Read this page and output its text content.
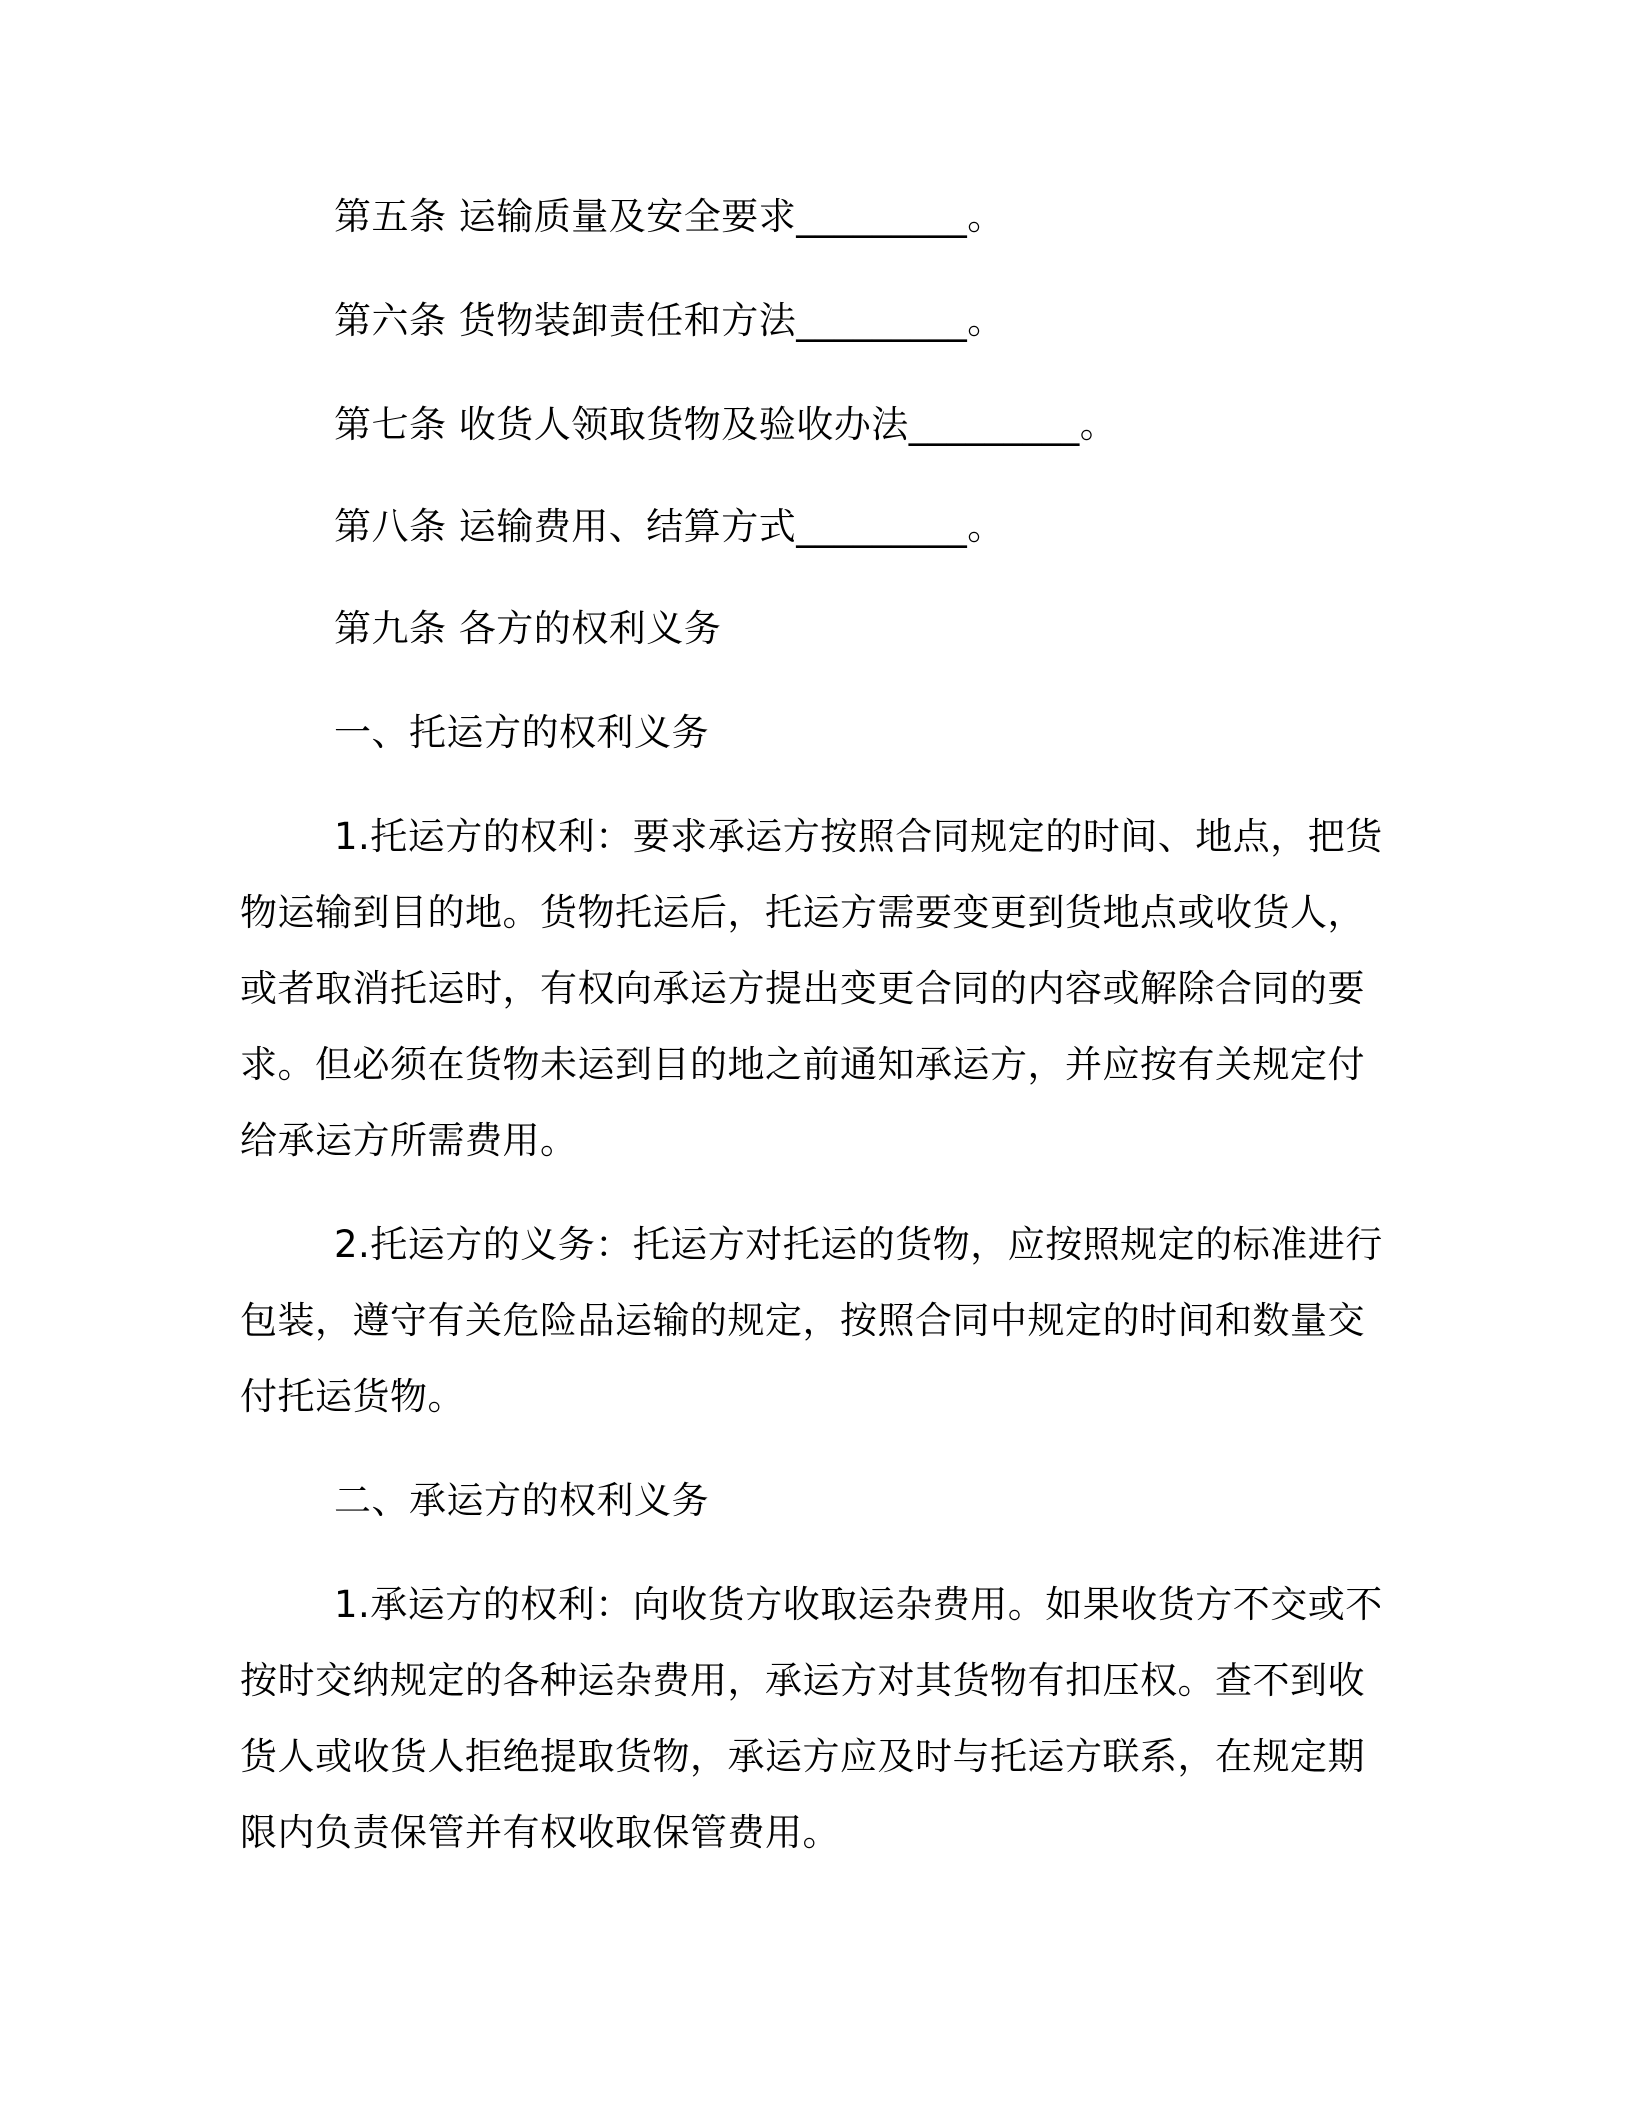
第五条 运输质量及安全要求_________。
第六条 货物装卸责任和方法_________。
第七条 收货人领取货物及验收办法_________。
第八条 运输费用、结算方式_________。
第九条 各方的权利义务
一、托运方的权利义务
1.托运方的权利：要求承运方按照合同规定的时间、地点，把货
物运输到目的地。货物托运后，托运方需要变更到货地点或收货人，
或者取消托运时，有权向承运方提出变更合同的内容或解除合同的要
求。但必须在货物未运到目的地之前通知承运方，并应按有关规定付
给承运方所需费用。
2.托运方的义务：托运方对托运的货物，应按照规定的标准进行
包装，遵守有关危险品运输的规定，按照合同中规定的时间和数量交
付托运货物。
二、承运方的权利义务
1.承运方的权利：向收货方收取运杂费用。如果收货方不交或不
按时交纳规定的各种运杂费用，承运方对其货物有扣压权。查不到收
货人或收货人拒绝提取货物，承运方应及时与托运方联系，在规定期
限内负责保管并有权收取保管费用。
